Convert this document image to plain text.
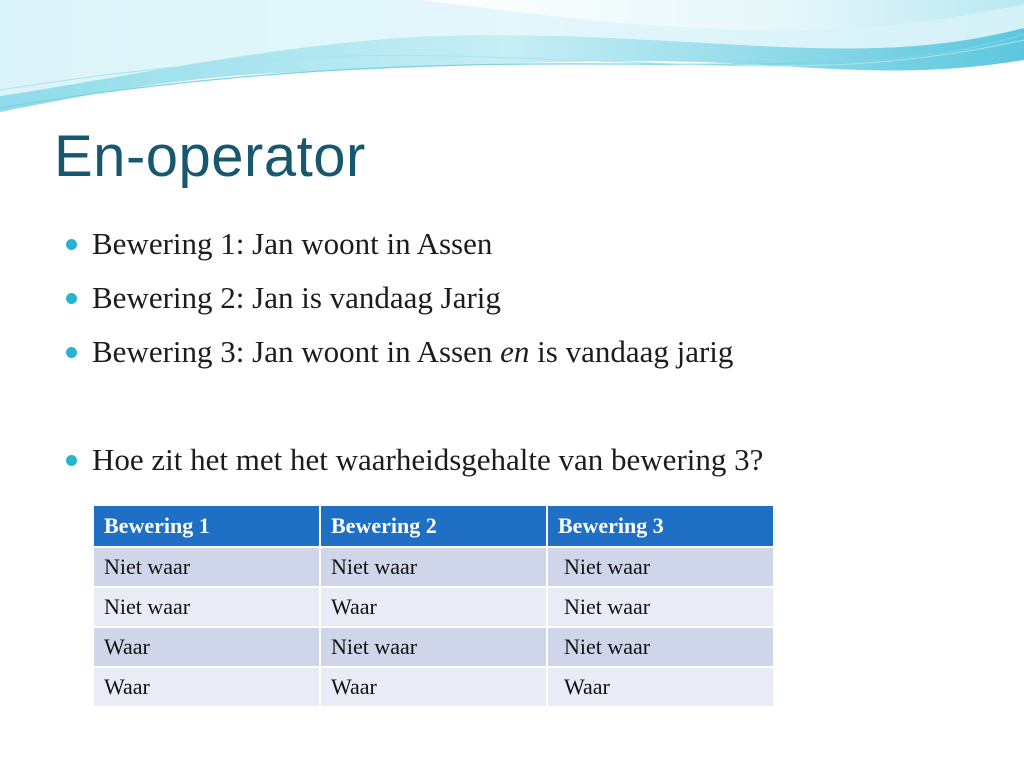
En-operator
Bewering 1: Jan woont in Assen
Bewering 2: Jan is vandaag Jarig
Bewering 3: Jan woont in Assen en is vandaag jarig
Hoe zit het met het waarheidsgehalte van bewering 3?
Bewering 1	Bewering 2	Bewering 3
Niet waar	Niet waar	Niet waar
Niet waar	Waar	Niet waar
Waar	Niet waar	Niet waar
Waar	Waar	Waar
